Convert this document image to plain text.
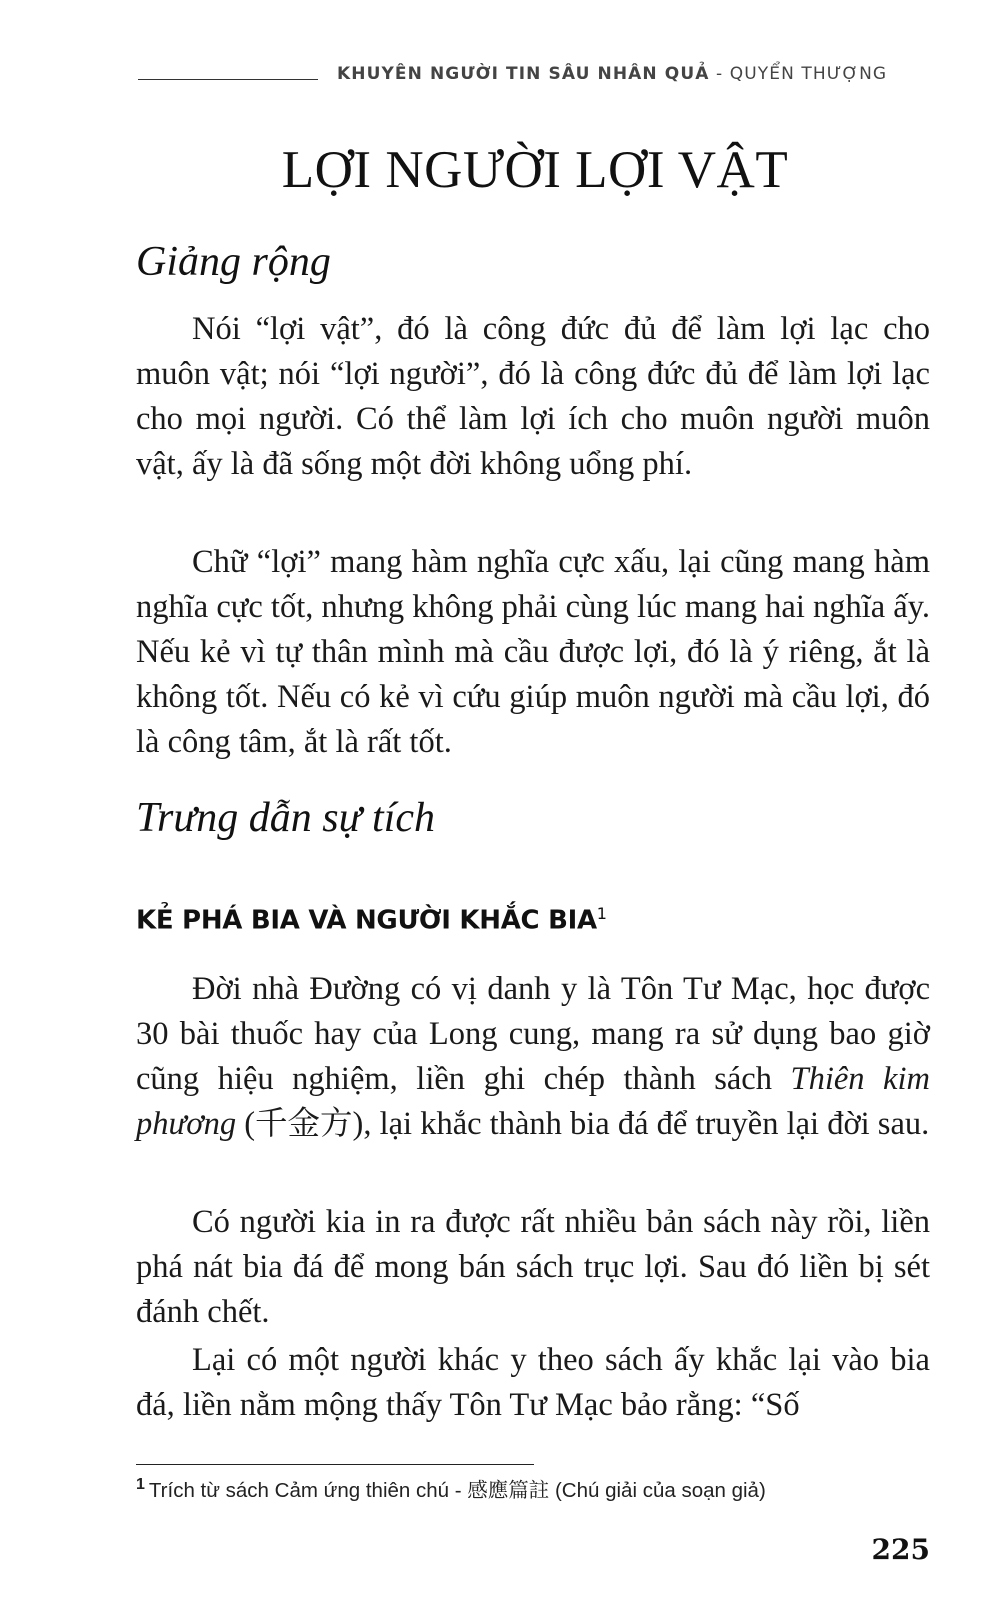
KHUYÊN NGƯỜI TIN SÂU NHÂN QUẢ - QUYỂN THƯỢNG
LỢI NGƯỜI LỢI VẬT
Giảng rộng

Nói “lợi vật”, đó là công đức đủ để làm lợi lạc cho muôn vật; nói “lợi người”, đó là công đức đủ để làm lợi lạc cho mọi người. Có thể làm lợi ích cho muôn người muôn vật, ấy là đã sống một đời không uổng phí.

Chữ “lợi” mang hàm nghĩa cực xấu, lại cũng mang hàm nghĩa cực tốt, nhưng không phải cùng lúc mang hai nghĩa ấy. Nếu kẻ vì tự thân mình mà cầu được lợi, đó là ý riêng, ắt là không tốt. Nếu có kẻ vì cứu giúp muôn người mà cầu lợi, đó là công tâm, ắt là rất tốt.

Trưng dẫn sự tích
KẺ PHÁ BIA VÀ NGƯỜI KHẮC BIA$^1$

Đời nhà Đường có vị danh y là Tôn Tư Mạc, học được 30 bài thuốc hay của Long cung, mang ra sử dụng bao giờ cũng hiệu nghiệm, liền ghi chép thành sách Thiên kim phương (千金方), lại khắc thành bia đá để truyền lại đời sau.

Có người kia in ra được rất nhiều bản sách này rồi, liền phá nát bia đá để mong bán sách trục lợi. Sau đó liền bị sét đánh chết.

Lại có một người khác y theo sách ấy khắc lại vào bia đá, liền nằm mộng thấy Tôn Tư Mạc bảo rằng: “Số

$^1$ Trích từ sách Cảm ứng thiên chú - 感應篇註 (Chú giải của soạn giả)
225
